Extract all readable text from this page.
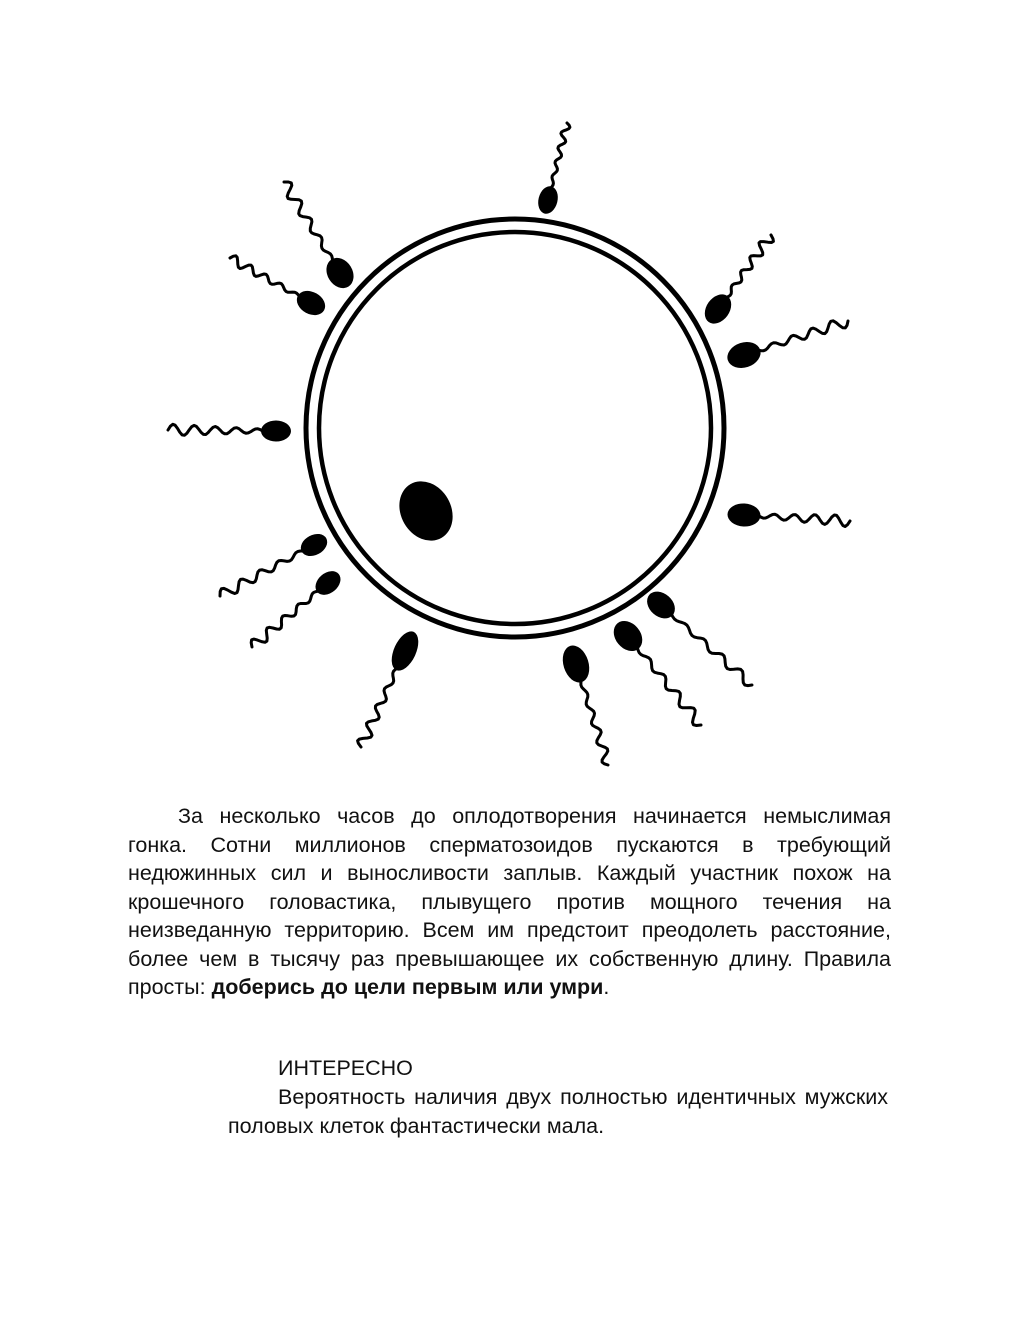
За несколько часов до оплодотворения начинается немыслимая гонка. Сотни миллионов сперматозоидов пускаются в требующий недюжинных сил и выносливости заплыв. Каждый участник похож на крошечного головастика, плывущего против мощного течения на неизведанную территорию. Всем им предстоит преодолеть расстояние, более чем в тысячу раз превышающее их собственную длину. Правила просты: доберись до цели первым или умри.

ИНТЕРЕСНО

Вероятность наличия двух полностью идентичных мужских половых клеток фантастически мала.
